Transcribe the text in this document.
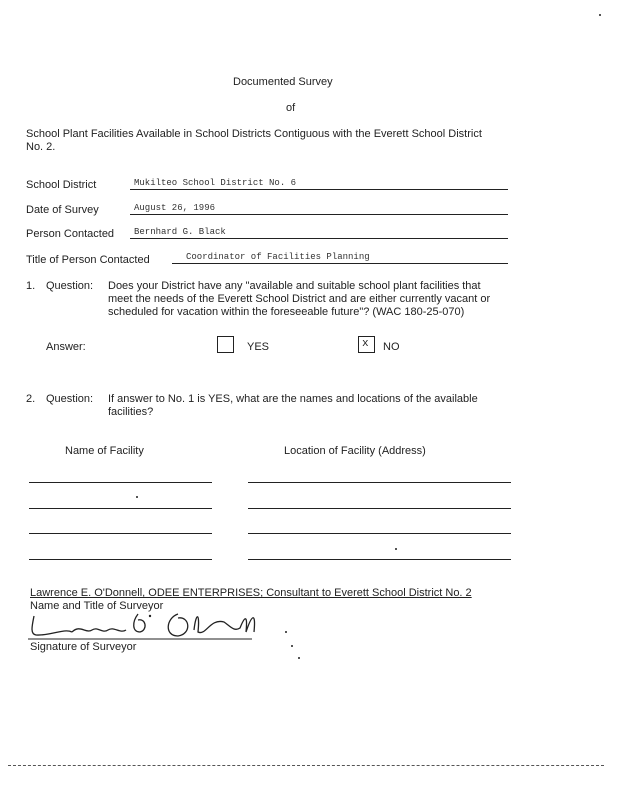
Documented Survey
of
School Plant Facilities Available in School Districts Contiguous with the Everett School District
No. 2.
School District	Mukilteo School District No. 6
Date of Survey	August 26, 1996
Person Contacted Bernhard G. Black
Title of Person Contacted	Coordinator of Facilities Planning
1. Question: Does your District have any "available and suitable school plant facilities that
meet the needs of the Everett School District and are either currently vacant or
scheduled for vacation within the foreseeable future"? (WAC 180-25-070)
Answer:	YES	x NO
2. Question: If answer to No. 1 is YES, what are the names and locations of the available
facilities?
Name of Facility	Location of Facility (Address)
Lawrence E. O'Donnell, ODEE ENTERPRISES; Consultant to Everett School District No. 2
Name and Title of Surveyor
Signature of Surveyor
